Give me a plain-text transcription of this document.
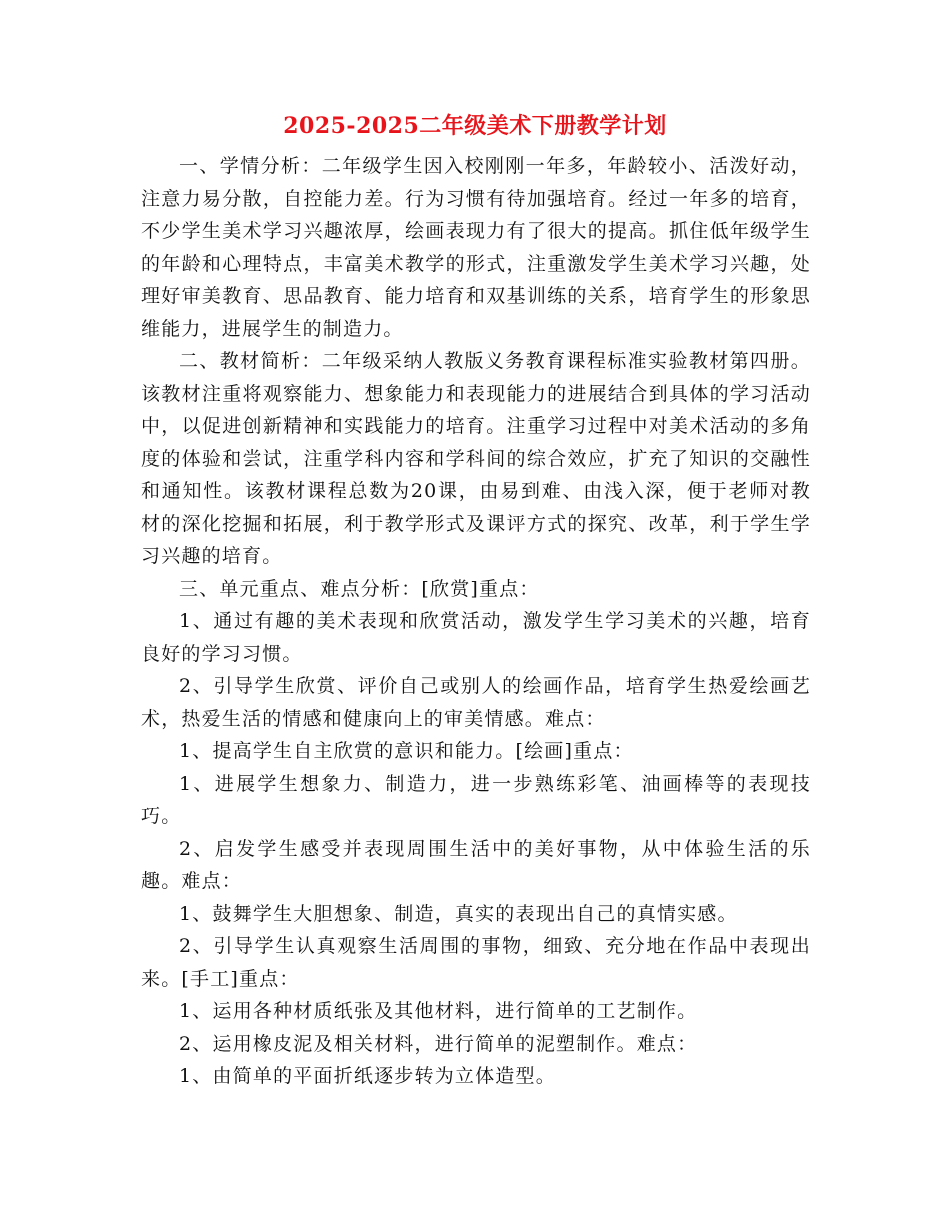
2025-2025二年级美术下册教学计划

一、学情分析：二年级学生因入校刚刚一年多，年龄较小、活泼好动，注意力易分散，自控能力差。行为习惯有待加强培育。经过一年多的培育，不少学生美术学习兴趣浓厚，绘画表现力有了很大的提高。抓住低年级学生的年龄和心理特点，丰富美术教学的形式，注重激发学生美术学习兴趣，处理好审美教育、思品教育、能力培育和双基训练的关系，培育学生的形象思维能力，进展学生的制造力。

二、教材简析：二年级采纳人教版义务教育课程标准实验教材第四册。该教材注重将观察能力、想象能力和表现能力的进展结合到具体的学习活动中，以促进创新精神和实践能力的培育。注重学习过程中对美术活动的多角度的体验和尝试，注重学科内容和学科间的综合效应，扩充了知识的交融性和通知性。该教材课程总数为20课，由易到难、由浅入深，便于老师对教材的深化挖掘和拓展，利于教学形式及课评方式的探究、改革，利于学生学习兴趣的培育。

三、单元重点、难点分析：[欣赏]重点：

1、通过有趣的美术表现和欣赏活动，激发学生学习美术的兴趣，培育良好的学习习惯。

2、引导学生欣赏、评价自己或别人的绘画作品，培育学生热爱绘画艺术，热爱生活的情感和健康向上的审美情感。难点：

1、提高学生自主欣赏的意识和能力。[绘画]重点：

1、进展学生想象力、制造力，进一步熟练彩笔、油画棒等的表现技巧。

2、启发学生感受并表现周围生活中的美好事物，从中体验生活的乐趣。难点：

1、鼓舞学生大胆想象、制造，真实的表现出自己的真情实感。

2、引导学生认真观察生活周围的事物，细致、充分地在作品中表现出来。[手工]重点：

1、运用各种材质纸张及其他材料，进行简单的工艺制作。

2、运用橡皮泥及相关材料，进行简单的泥塑制作。难点：

1、由简单的平面折纸逐步转为立体造型。
